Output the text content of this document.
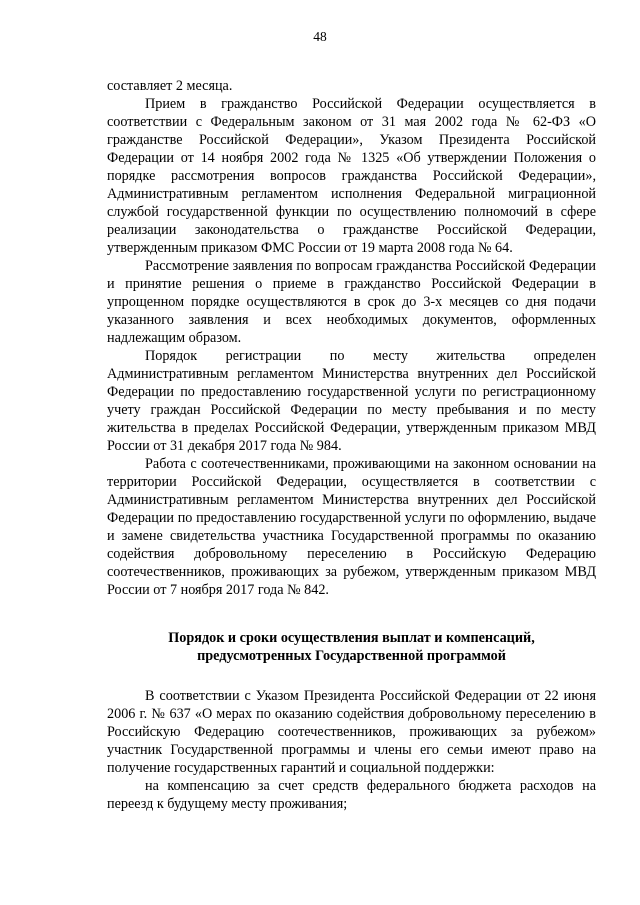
48

составляет 2 месяца.

Прием в гражданство Российской Федерации осуществляется в соответствии с Федеральным законом от 31 мая 2002 года № 62-ФЗ «О гражданстве Российской Федерации», Указом Президента Российской Федерации от 14 ноября 2002 года № 1325 «Об утверждении Положения о порядке рассмотрения вопросов гражданства Российской Федерации», Административным регламентом исполнения Федеральной миграционной службой государственной функции по осуществлению полномочий в сфере реализации законодательства о гражданстве Российской Федерации, утвержденным приказом ФМС России от 19 марта 2008 года № 64.

Рассмотрение заявления по вопросам гражданства Российской Федерации и принятие решения о приеме в гражданство Российской Федерации в упрощенном порядке осуществляются в срок до 3-х месяцев со дня подачи указанного заявления и всех необходимых документов, оформленных надлежащим образом.

Порядок регистрации по месту жительства определен Административным регламентом Министерства внутренних дел Российской Федерации по предоставлению государственной услуги по регистрационному учету граждан Российской Федерации по месту пребывания и по месту жительства в пределах Российской Федерации, утвержденным приказом МВД России от 31 декабря 2017 года № 984.

Работа с соотечественниками, проживающими на законном основании на территории Российской Федерации, осуществляется в соответствии с Административным регламентом Министерства внутренних дел Российской Федерации по предоставлению государственной услуги по оформлению, выдаче и замене свидетельства участника Государственной программы по оказанию содействия добровольному переселению в Российскую Федерацию соотечественников, проживающих за рубежом, утвержденным приказом МВД России от 7 ноября 2017 года № 842.

Порядок и сроки осуществления выплат и компенсаций,
предусмотренных Государственной программой

В соответствии с Указом Президента Российской Федерации от 22 июня 2006 г. № 637 «О мерах по оказанию содействия добровольному переселению в Российскую Федерацию соотечественников, проживающих за рубежом» участник Государственной программы и члены его семьи имеют право на получение государственных гарантий и социальной поддержки:

на компенсацию за счет средств федерального бюджета расходов на переезд к будущему месту проживания;
